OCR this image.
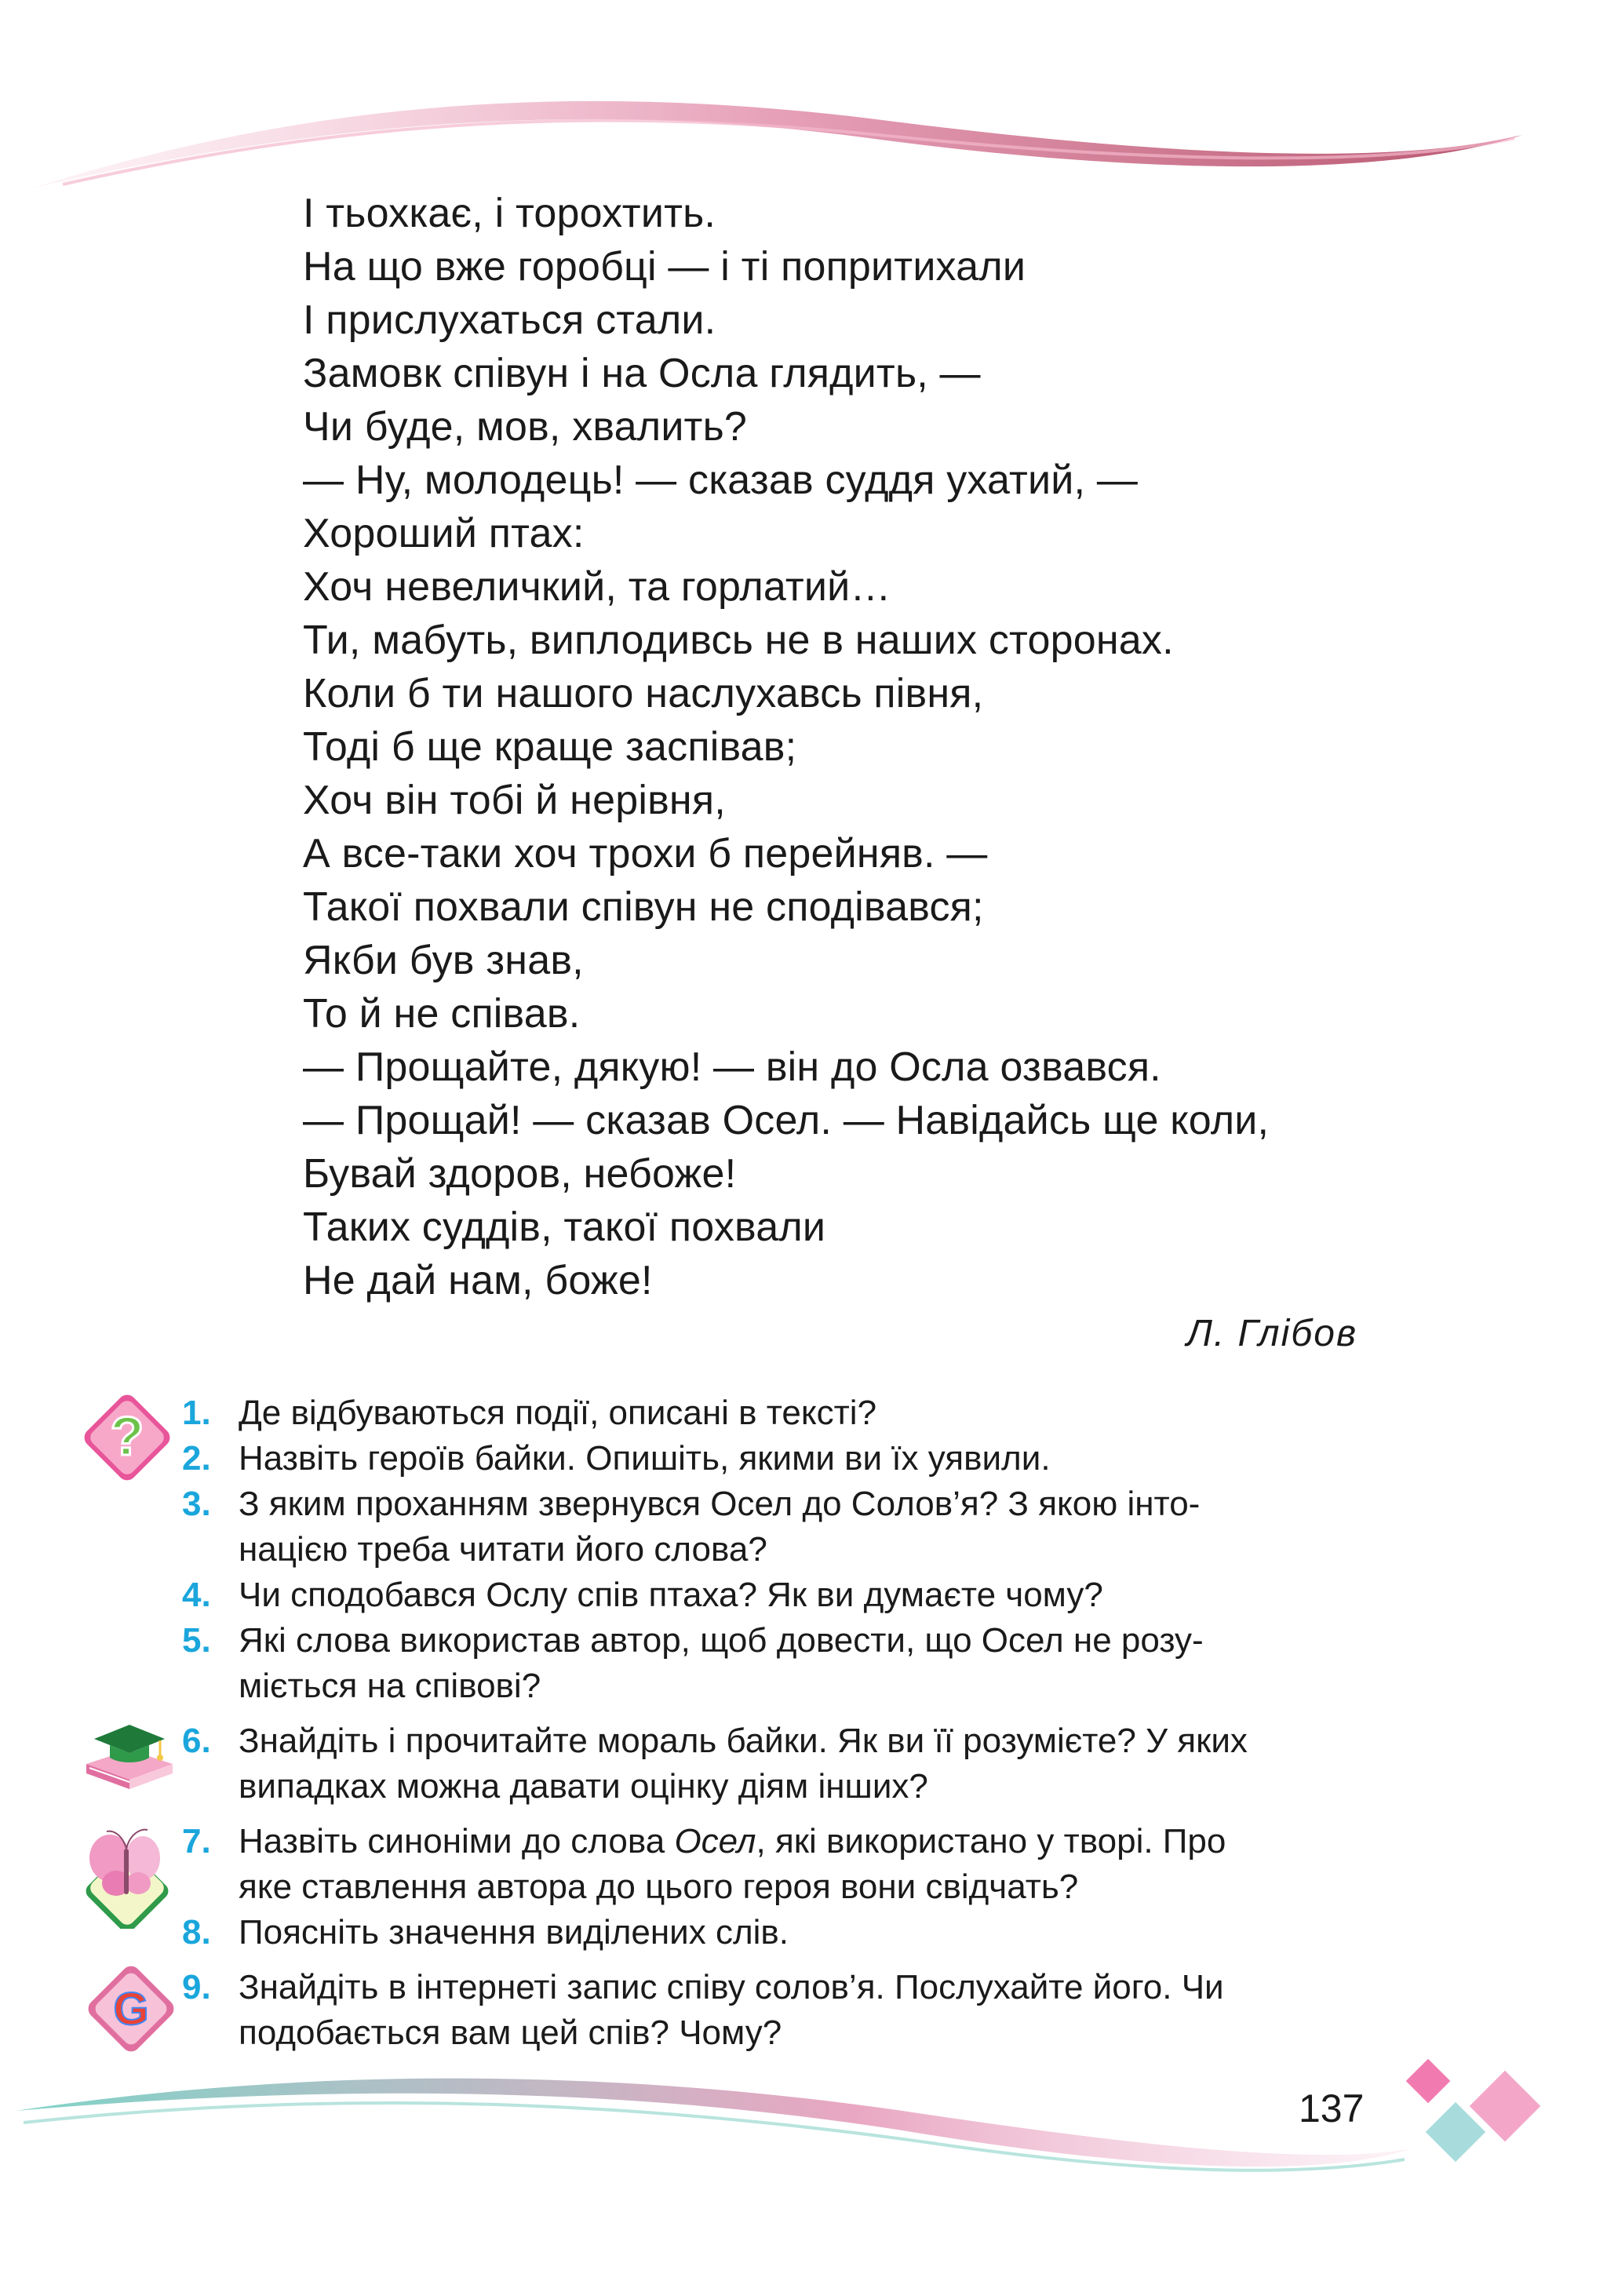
І тьохкає, і торохтить.
На що вже горобці — і ті попритихали
І прислухаться стали.
Замовк співун і на Осла глядить, —
Чи буде, мов, хвалить?
— Ну, молодець! — сказав суддя ухатий, —
Хороший птах:
Хоч невеличкий, та горлатий…
Ти, мабуть, виплодивсь не в наших сторонах.
Коли б ти нашого наслухавсь півня,
Тоді б ще краще заспівав;
Хоч він тобі й нерівня,
А все-таки хоч трохи б перейняв. —
Такої похвали співун не сподівався;
Якби був знав,
То й не співав.
— Прощайте, дякую! — він до Осла озвався.
— Прощай! — сказав Осел. — Навідайсь ще коли,
Бувай здоров, небоже!
Таких суддів, такої похвали
Не дай нам, боже!
Л. Глібов
?
G
1. Де відбуваються події, описані в тексті?
2. Назвіть героїв байки. Опишіть, якими ви їх уявили.
3. З яким проханням звернувся Осел до Солов’я? З якою інто-
нацією треба читати його слова?
4. Чи сподобався Ослу спів птаха? Як ви думаєте чому?
5. Які слова використав автор, щоб довести, що Осел не розу-
міється на співові?
6. Знайдіть і прочитайте мораль байки. Як ви її розумієте? У яких
випадках можна давати оцінку діям інших?
7. Назвіть синоніми до слова Осел, які використано у творі. Про
яке ставлення автора до цього героя вони свідчать?
8. Поясніть значення виділених слів.
9. Знайдіть в інтернеті запис співу солов’я. Послухайте його. Чи
подобається вам цей спів? Чому?
137
